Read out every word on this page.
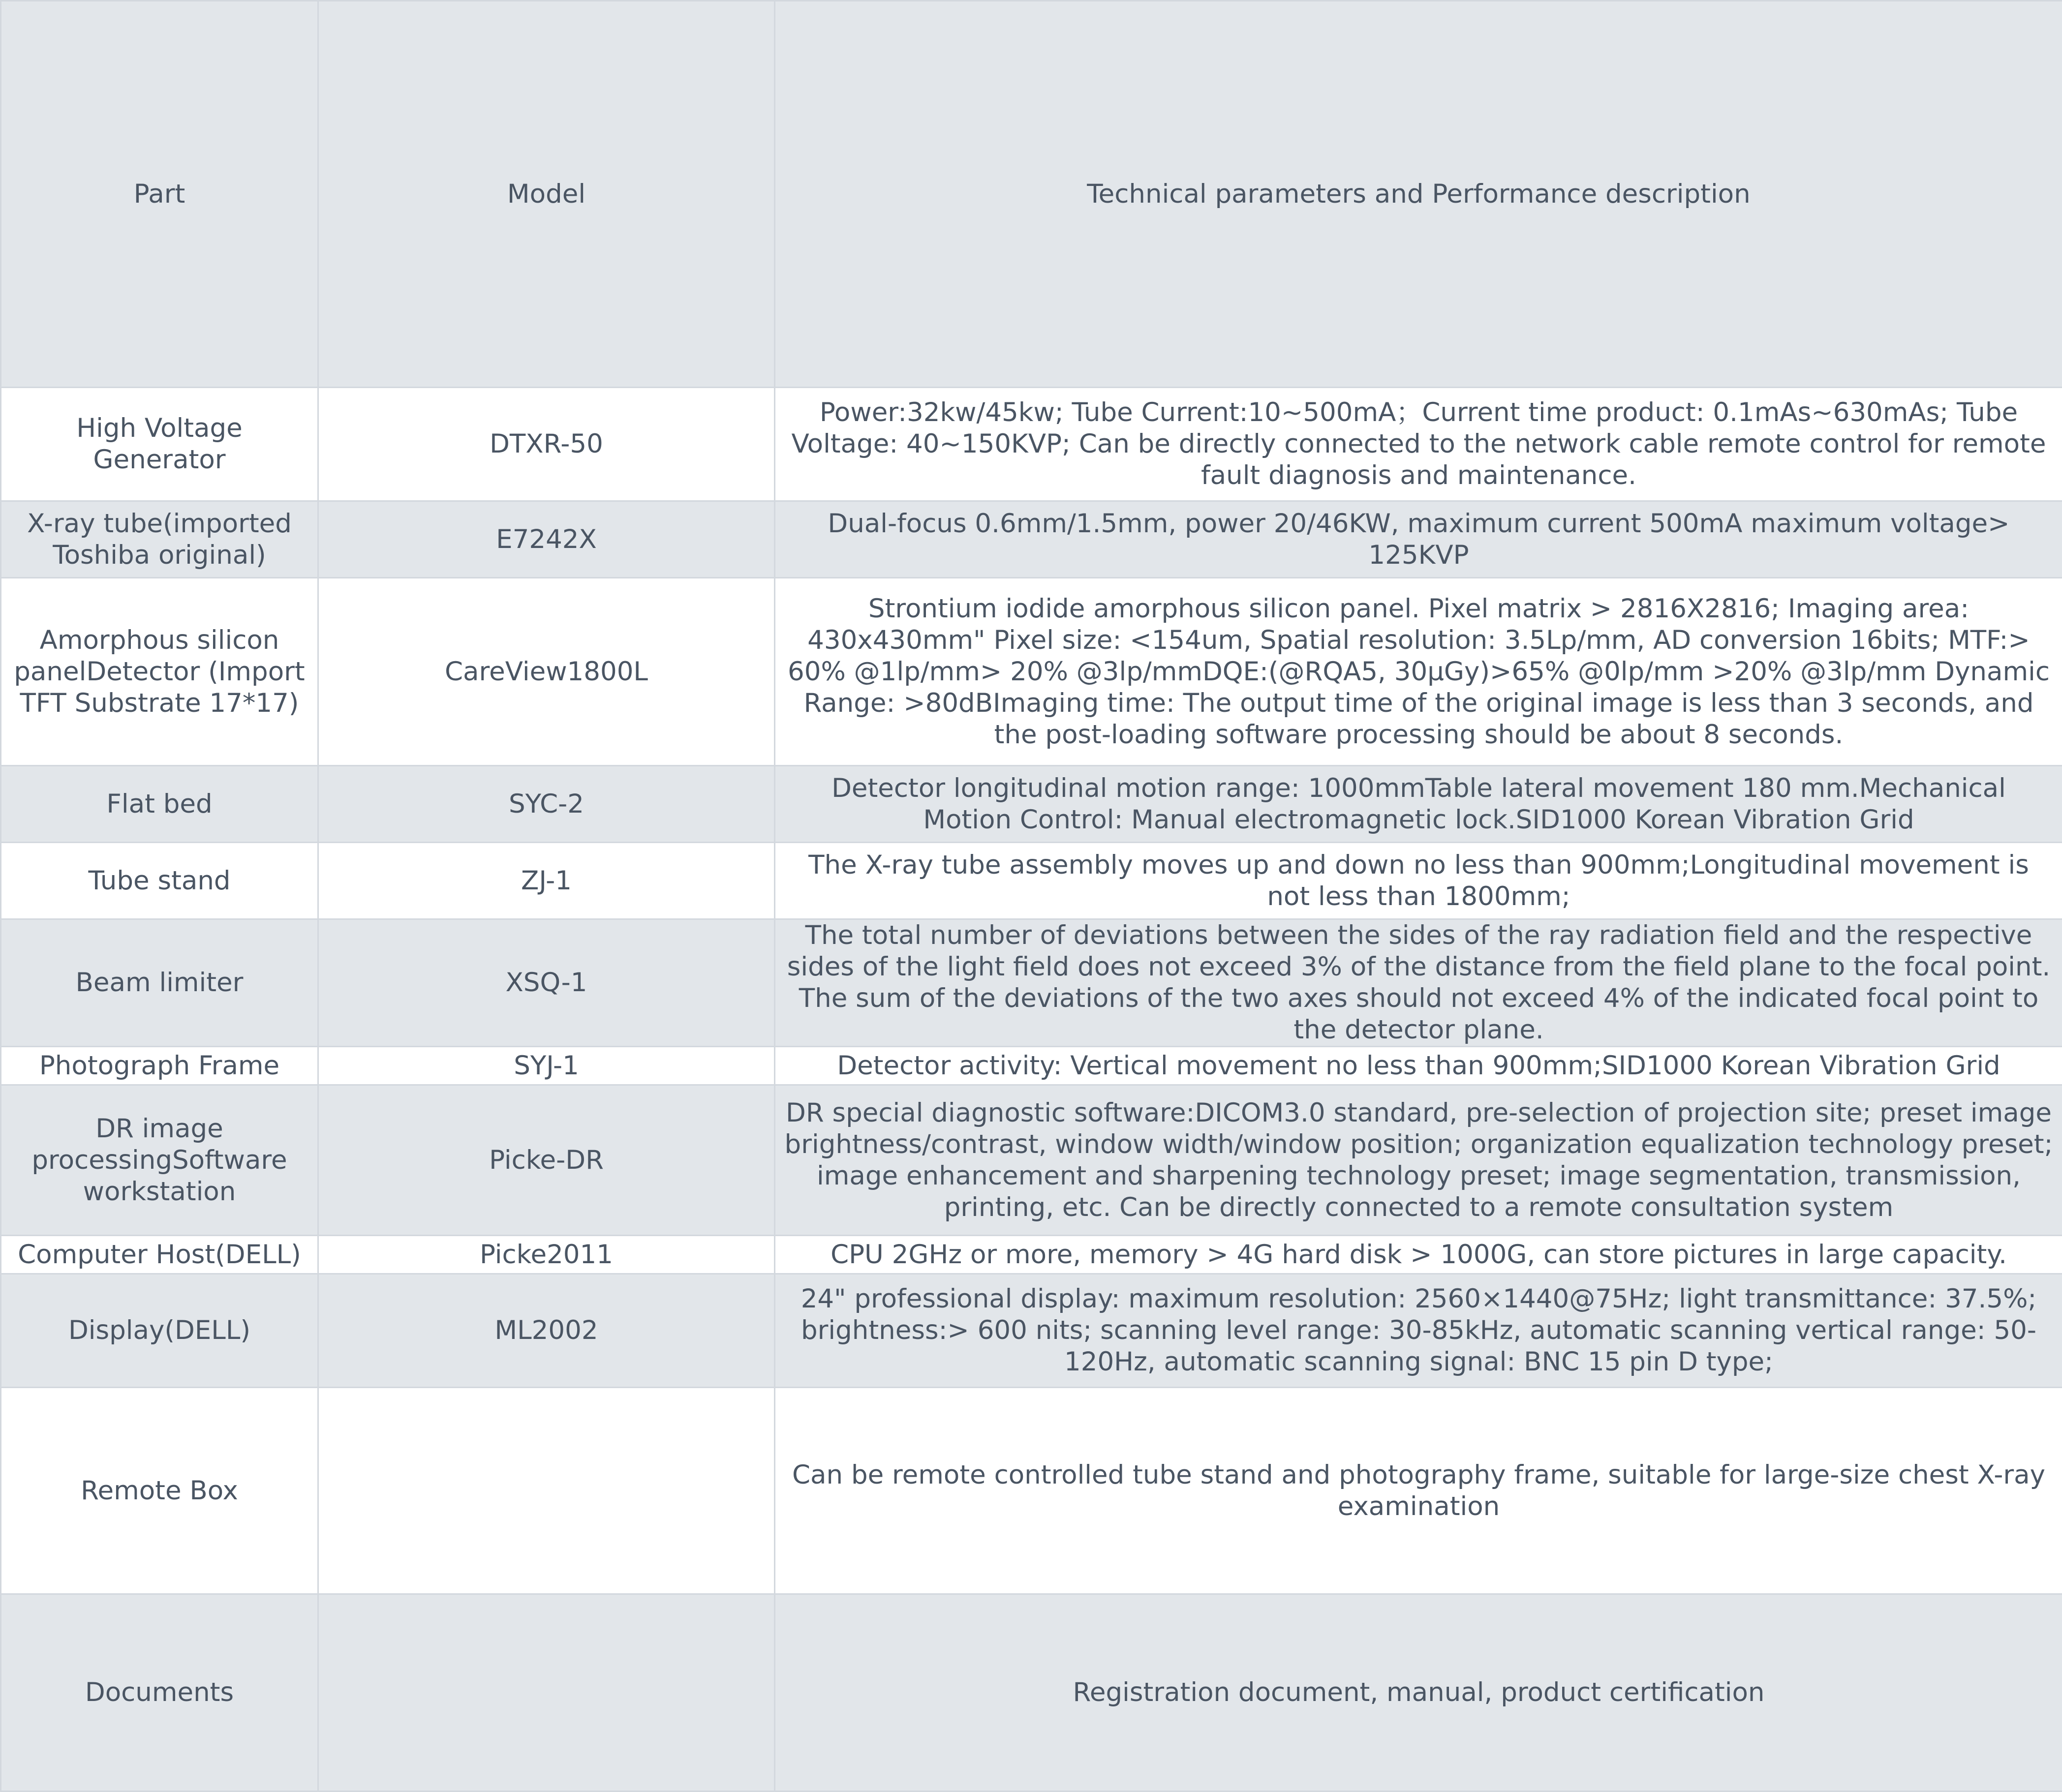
Part	Model	Technical parameters and Performance description
High Voltage Generator	DTXR-50	Power:32kw/45kw; Tube Current:10~500mA；Current time product: 0.1mAs~630mAs; Tube Voltage: 40~150KVP; Can be directly connected to the network cable remote control for remote fault diagnosis and maintenance.
X-ray tube(imported Toshiba original)	E7242X	Dual-focus 0.6mm/1.5mm, power 20/46KW, maximum current 500mA maximum voltage> 125KVP
Amorphous silicon panelDetector (Import TFT Substrate 17*17)	CareView1800L	Strontium iodide amorphous silicon panel. Pixel matrix > 2816X2816; Imaging area: 430x430mm" Pixel size: <154um, Spatial resolution: 3.5Lp/mm, AD conversion 16bits; MTF:> 60% @1lp/mm> 20% @3lp/mmDQE:(@RQA5, 30μGy)>65% @0lp/mm >20% @3lp/mm Dynamic Range: >80dBImaging time: The output time of the original image is less than 3 seconds, and the post-loading software processing should be about 8 seconds.
Flat bed	SYC-2	Detector longitudinal motion range: 1000mmTable lateral movement 180 mm.Mechanical Motion Control: Manual electromagnetic lock.SID1000 Korean Vibration Grid
Tube stand	ZJ-1	The X-ray tube assembly moves up and down no less than 900mm;Longitudinal movement is not less than 1800mm;
Beam limiter	XSQ-1	The total number of deviations between the sides of the ray radiation field and the respective sides of the light field does not exceed 3% of the distance from the field plane to the focal point. The sum of the deviations of the two axes should not exceed 4% of the indicated focal point to the detector plane.
Photograph Frame	SYJ-1	Detector activity: Vertical movement no less than 900mm;SID1000 Korean Vibration Grid
DR image processingSoftware workstation	Picke-DR	DR special diagnostic software:DICOM3.0 standard, pre-selection of projection site; preset image brightness/contrast, window width/window position; organization equalization technology preset; image enhancement and sharpening technology preset; image segmentation, transmission, printing, etc. Can be directly connected to a remote consultation system
Computer Host(DELL)	Picke2011	CPU 2GHz or more, memory > 4G hard disk > 1000G, can store pictures in large capacity.
Display(DELL)	ML2002	24" professional display: maximum resolution: 2560×1440@75Hz; light transmittance: 37.5%; brightness:> 600 nits; scanning level range: 30-85kHz, automatic scanning vertical range: 50-120Hz, automatic scanning signal: BNC 15 pin D type;
Remote Box		Can be remote controlled tube stand and photography frame, suitable for large-size chest X-ray examination
Documents		Registration document, manual, product certification
